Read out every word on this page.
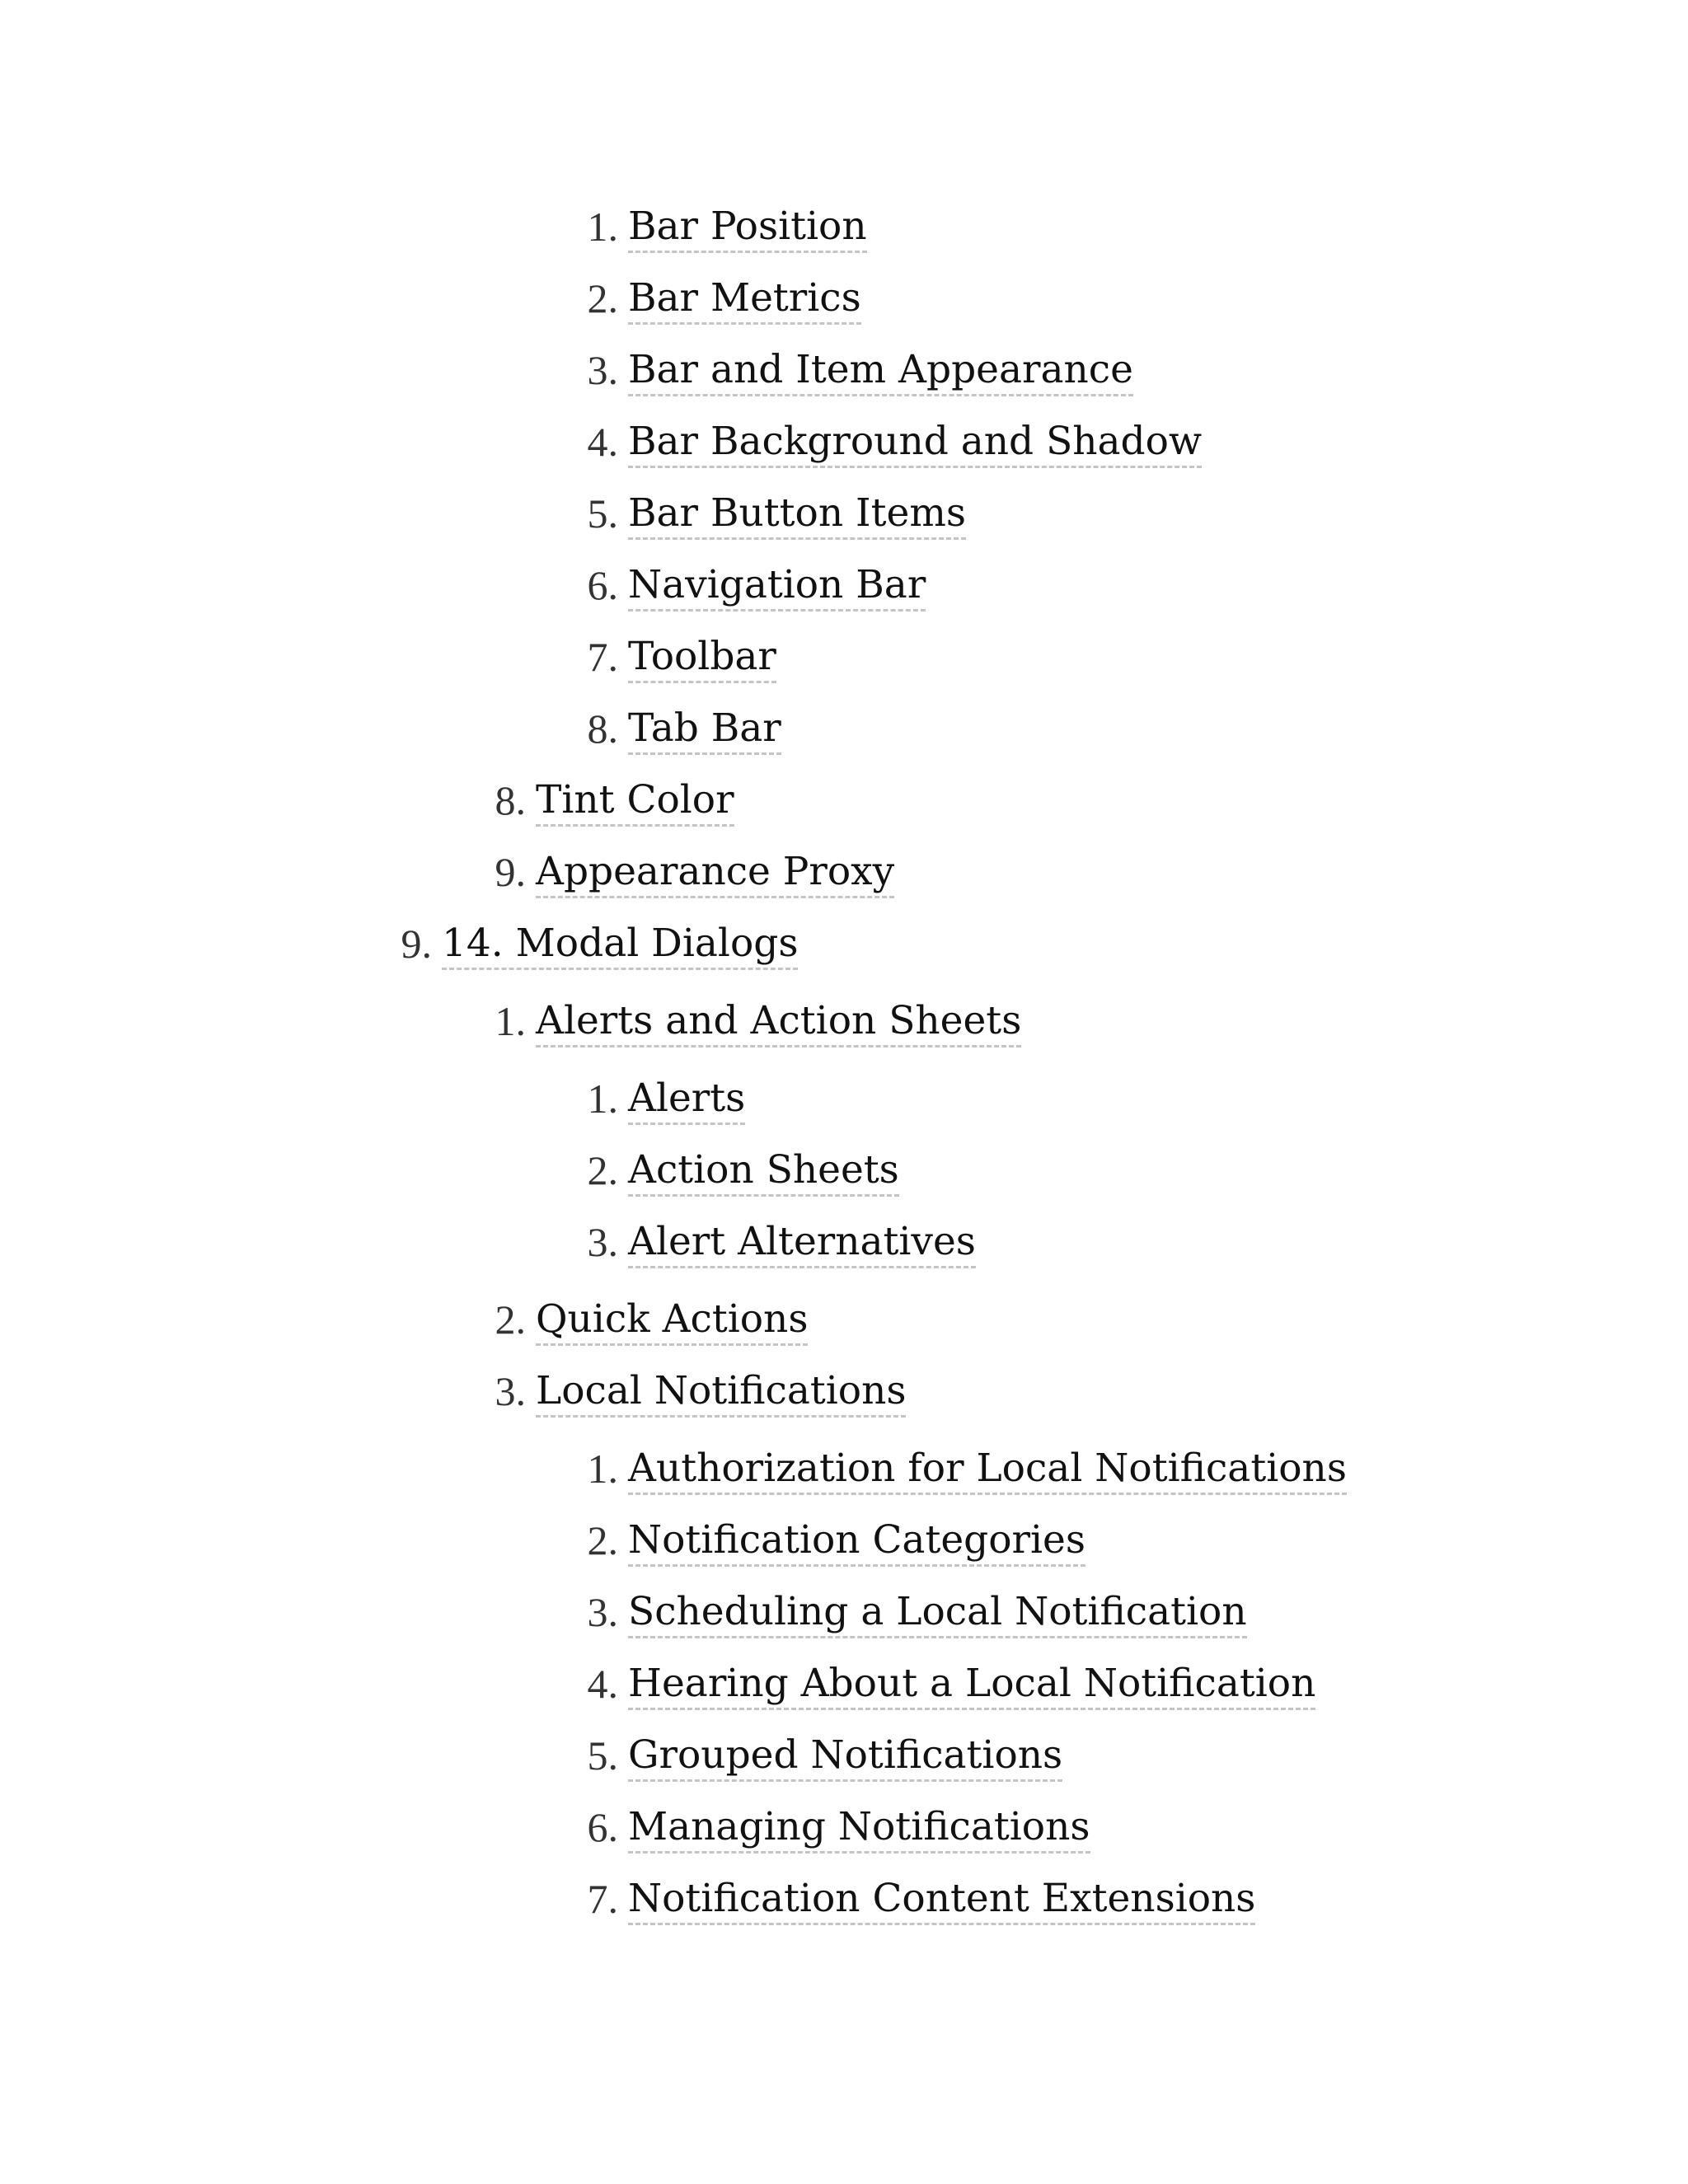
1. Bar Position
2. Bar Metrics
3. Bar and Item Appearance
4. Bar Background and Shadow
5. Bar Button Items
6. Navigation Bar
7. Toolbar
8. Tab Bar
8. Tint Color
9. Appearance Proxy
9. 14. Modal Dialogs
1. Alerts and Action Sheets
1. Alerts
2. Action Sheets
3. Alert Alternatives
2. Quick Actions
3. Local Notifications
1. Authorization for Local Notifications
2. Notification Categories
3. Scheduling a Local Notification
4. Hearing About a Local Notification
5. Grouped Notifications
6. Managing Notifications
7. Notification Content Extensions
